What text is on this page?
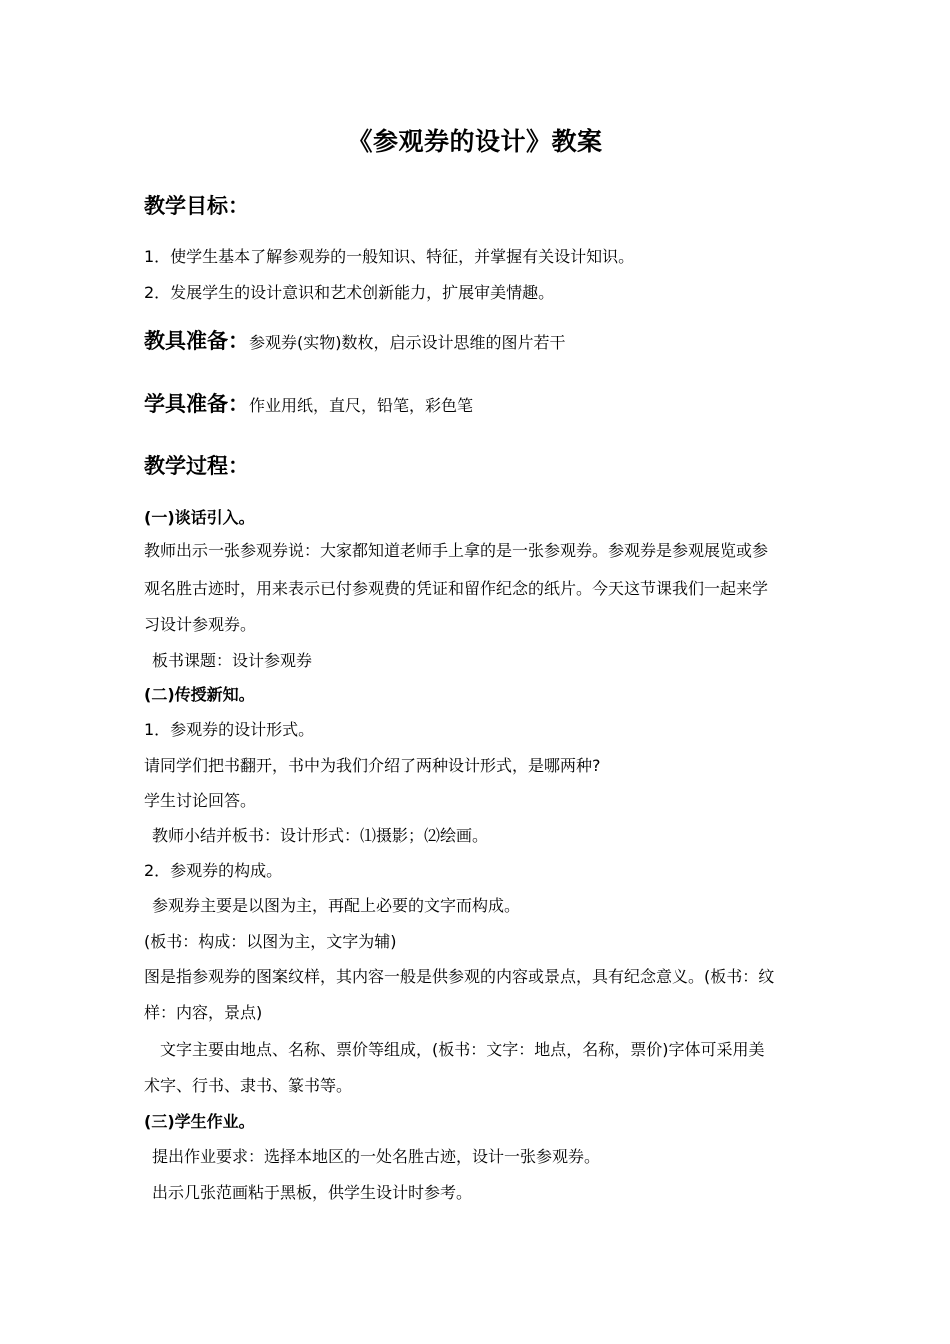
《参观券的设计》教案
教学目标：
1．使学生基本了解参观券的一般知识、特征，并掌握有关设计知识。
2．发展学生的设计意识和艺术创新能力，扩展审美情趣。
教具准备：参观券(实物)数枚，启示设计思维的图片若干
学具准备：作业用纸，直尺，铅笔，彩色笔
教学过程：
(一)谈话引入。
教师出示一张参观券说：大家都知道老师手上拿的是一张参观券。参观券是参观展览或参
观名胜古迹时，用来表示已付参观费的凭证和留作纪念的纸片。今天这节课我们一起来学
习设计参观券。
板书课题：设计参观券
(二)传授新知。
1．参观券的设计形式。
请同学们把书翻开，书中为我们介绍了两种设计形式，是哪两种?
学生讨论回答。
教师小结并板书：设计形式：⑴摄影；⑵绘画。
2．参观券的构成。
参观券主要是以图为主，再配上必要的文字而构成。
(板书：构成：以图为主，文字为辅)
图是指参观券的图案纹样，其内容一般是供参观的内容或景点，具有纪念意义。(板书：纹
样：内容，景点)
文字主要由地点、名称、票价等组成，(板书：文字：地点，名称，票价)字体可采用美
术字、行书、隶书、篆书等。
(三)学生作业。
提出作业要求：选择本地区的一处名胜古迹，设计一张参观券。
出示几张范画粘于黑板，供学生设计时参考。
